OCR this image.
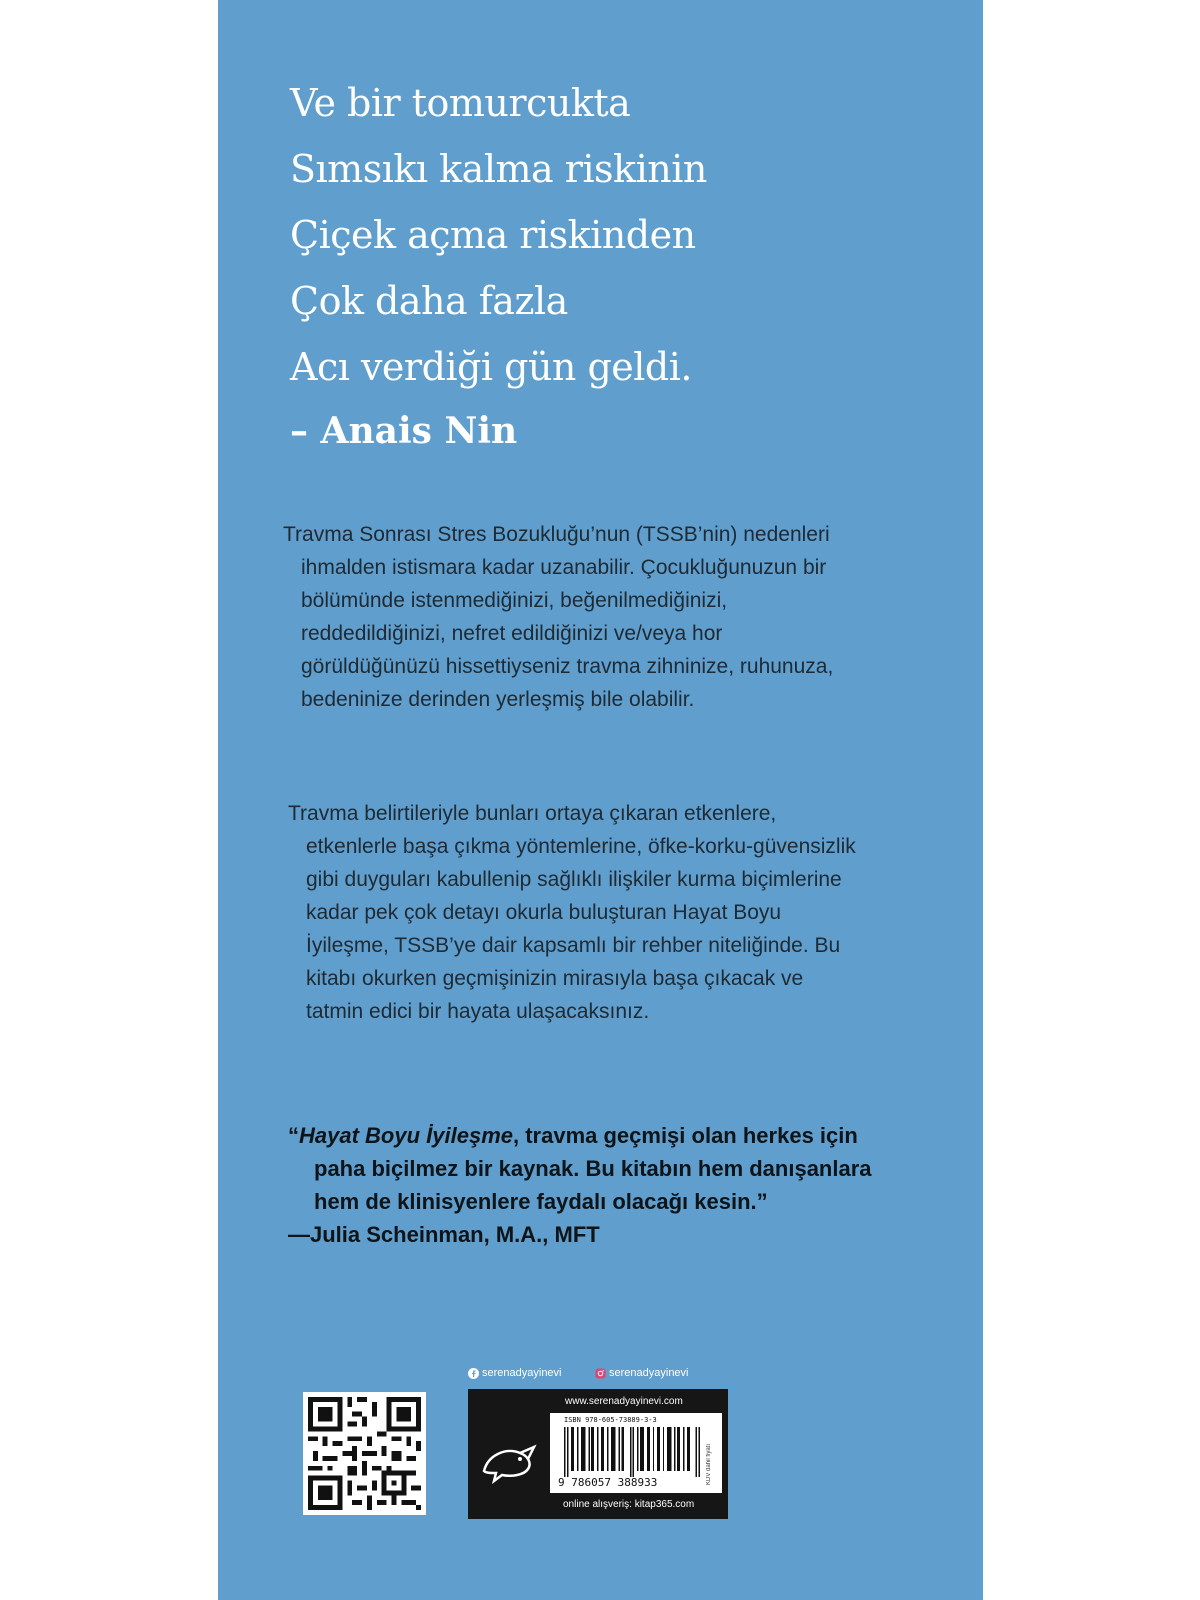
Ve bir tomurcukta
Sımsıkı kalma riskinin
Çiçek açma riskinden
Çok daha fazla
Acı verdiği gün geldi.
– Anais Nin
Travma Sonrası Stres Bozukluğu’nun (TSSB’nin) nedenleri
ihmalden istismara kadar uzanabilir. Çocukluğunuzun bir
bölümünde istenmediğinizi, beğenilmediğinizi,
reddedildiğinizi, nefret edildiğinizi ve/veya hor
görüldüğünüzü hissettiyseniz travma zihninize, ruhunuza,
bedeninize derinden yerleşmiş bile olabilir.
Travma belirtileriyle bunları ortaya çıkaran etkenlere,
etkenlerle başa çıkma yöntemlerine, öfke-korku-güvensizlik
gibi duyguları kabullenip sağlıklı ilişkiler kurma biçimlerine
kadar pek çok detayı okurla buluşturan Hayat Boyu
İyileşme, TSSB’ye dair kapsamlı bir rehber niteliğinde. Bu
kitabı okurken geçmişinizin mirasıyla başa çıkacak ve
tatmin edici bir hayata ulaşacaksınız.
“Hayat Boyu İyileşme, travma geçmişi olan herkes için
paha biçilmez bir kaynak. Bu kitabın hem danışanlara
hem de klinisyenlere faydalı olacağı kesin.”
—Julia Scheinman, M.A., MFT
serenadyayinevi	serenadyayinevi
www.serenadyayinevi.com
ISBN 978-605-73889-3-3
9 786057 388933	KDV dahil fiyatı
online alışveriş: kitap365.com
